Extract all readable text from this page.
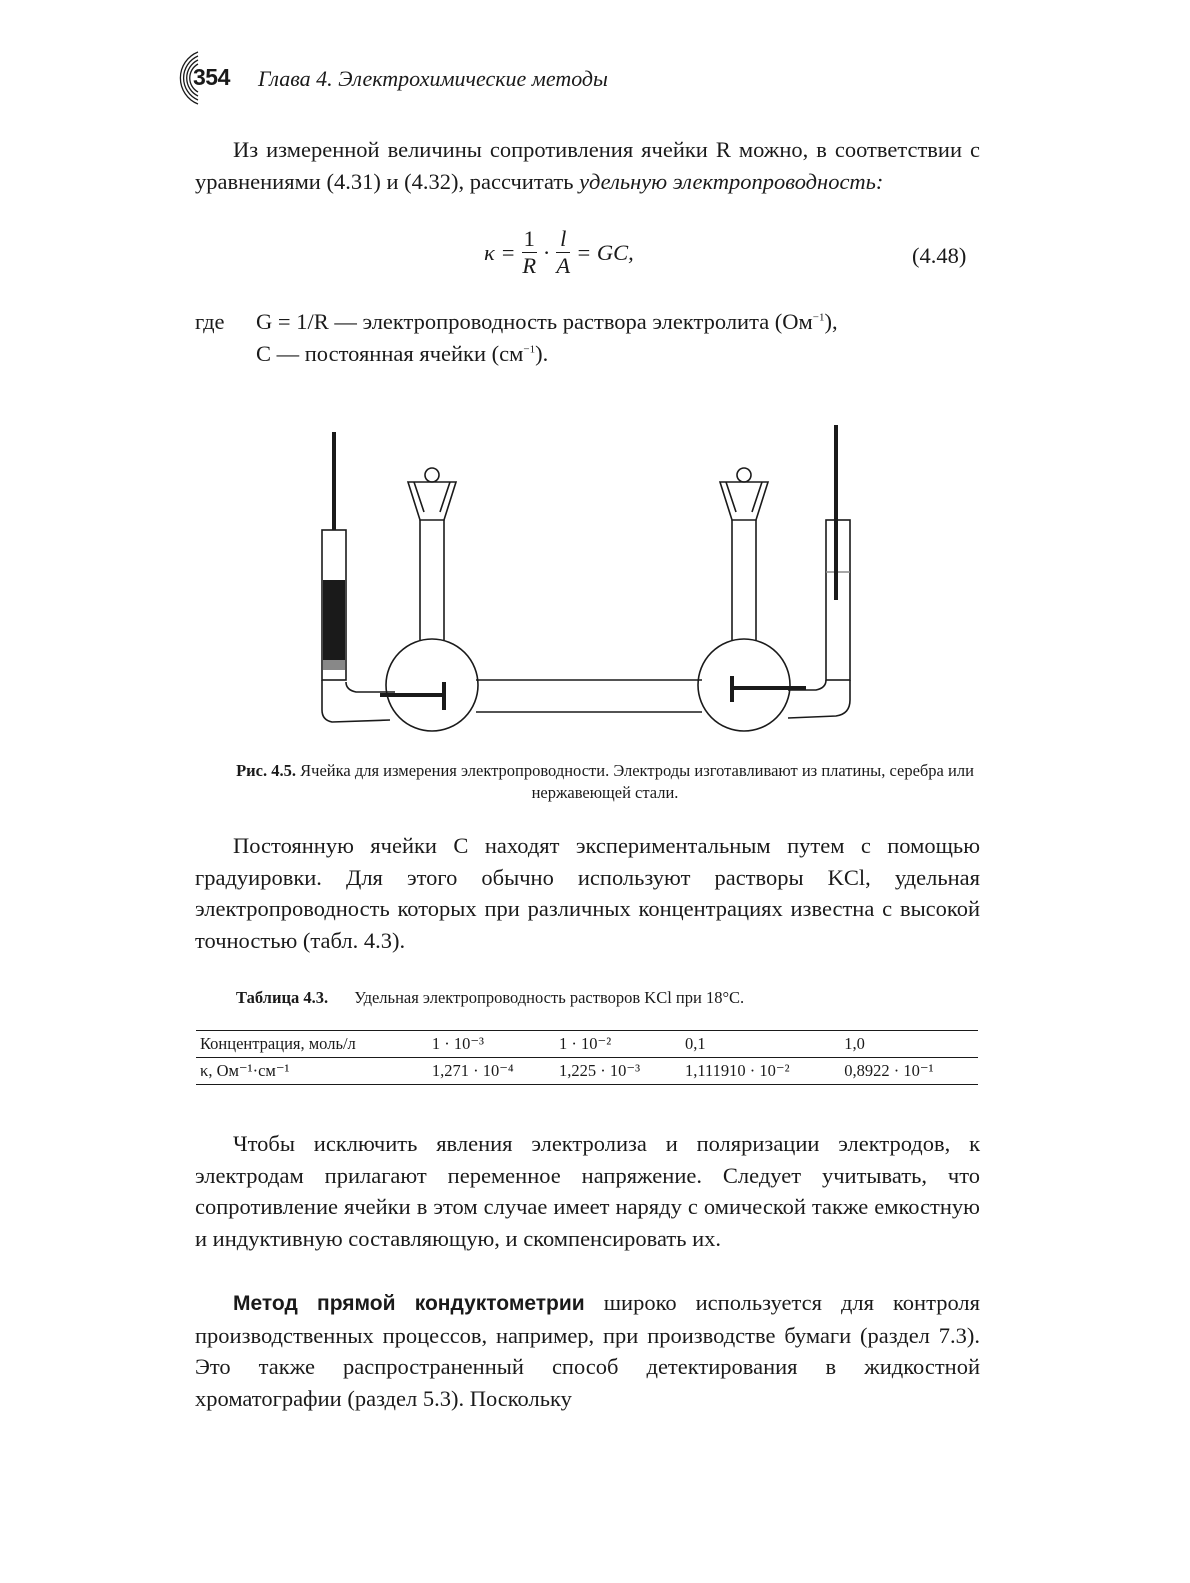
354 Глава 4. Электрохимические методы
Из измеренной величины сопротивления ячейки R можно, в соответствии с уравнениями (4.31) и (4.32), рассчитать удельную электропроводность:
$\kappa = \frac{1}{R} \cdot \frac{l}{A}$ = GC,	(4.48)
где G = 1/R — электропроводность раствора электролита $(Ом^{-1})$,
C — постоянная ячейки $(см^{-1})$.
Рис. 4.5. Ячейка для измерения электропроводности. Электроды изготавливают из платины, серебра или нержавеющей стали.
Постоянную ячейки C находят экспериментальным путем с помощью градуировки. Для этого обычно используют растворы KCl, удельная электропроводность которых при различных концентрациях известна с высокой точностью (табл. 4.3).
Таблица 4.3. Удельная электропроводность растворов KCl при 18°C.
Концентрация, моль/л	1 · 10⁻³	1 · 10⁻²	0,1	1,0
κ, Ом⁻¹·см⁻¹	1,271 · 10⁻⁴	1,225 · 10⁻³	1,111910 · 10⁻²	0,8922 · 10⁻¹
Чтобы исключить явления электролиза и поляризации электродов, к электродам прилагают переменное напряжение. Следует учитывать, что сопротивление ячейки в этом случае имеет наряду с омической также емкостную и индуктивную составляющую, и скомпенсировать их.
Метод прямой кондуктометрии широко используется для контроля производственных процессов, например, при производстве бумаги (раздел 7.3). Это также распространенный способ детектирования в жидкостной хроматографии (раздел 5.3). Поскольку
